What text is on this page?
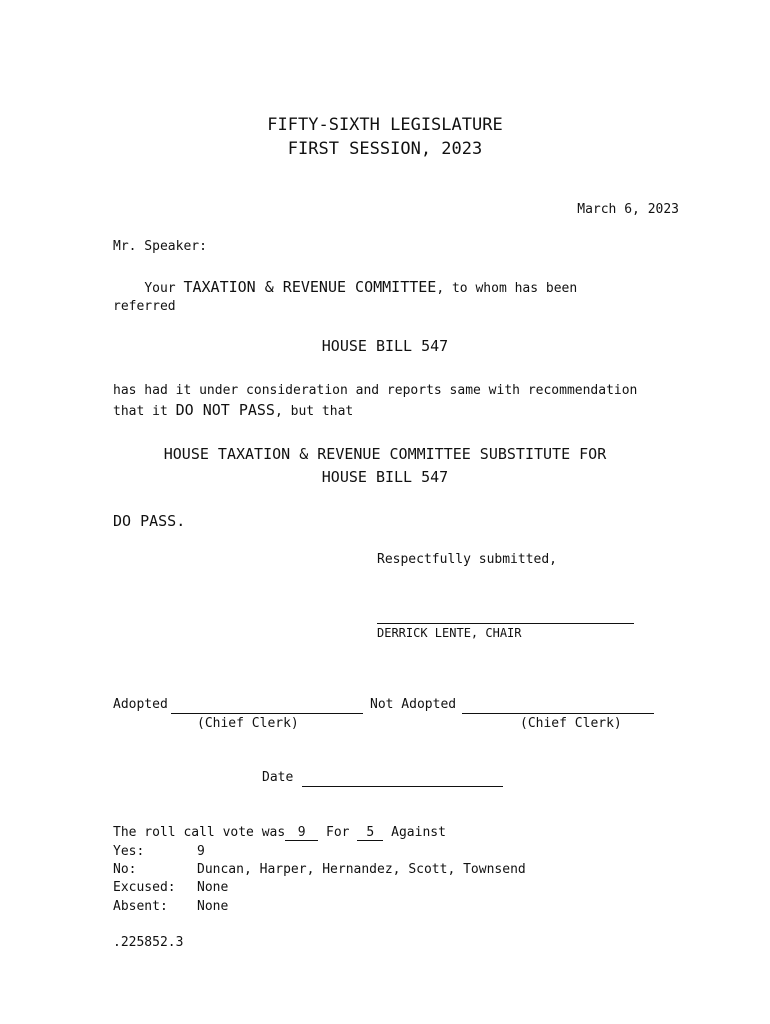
FIFTY-SIXTH LEGISLATURE
FIRST SESSION, 2023
March 6, 2023
Mr. Speaker:
Your TAXATION & REVENUE COMMITTEE, to whom has been
referred
HOUSE BILL 547
has had it under consideration and reports same with recommendation
that it DO NOT PASS, but that
HOUSE TAXATION & REVENUE COMMITTEE SUBSTITUTE FOR
HOUSE BILL 547
DO PASS.
Respectfully submitted,
DERRICK LENTE, CHAIR
Adopted	Not Adopted
(Chief Clerk)	(Chief Clerk)
Date
The roll call vote was 9 For 5 Against
Yes:	9
No:	Duncan, Harper, Hernandez, Scott, Townsend
Excused: None
Absent: None
.225852.3
